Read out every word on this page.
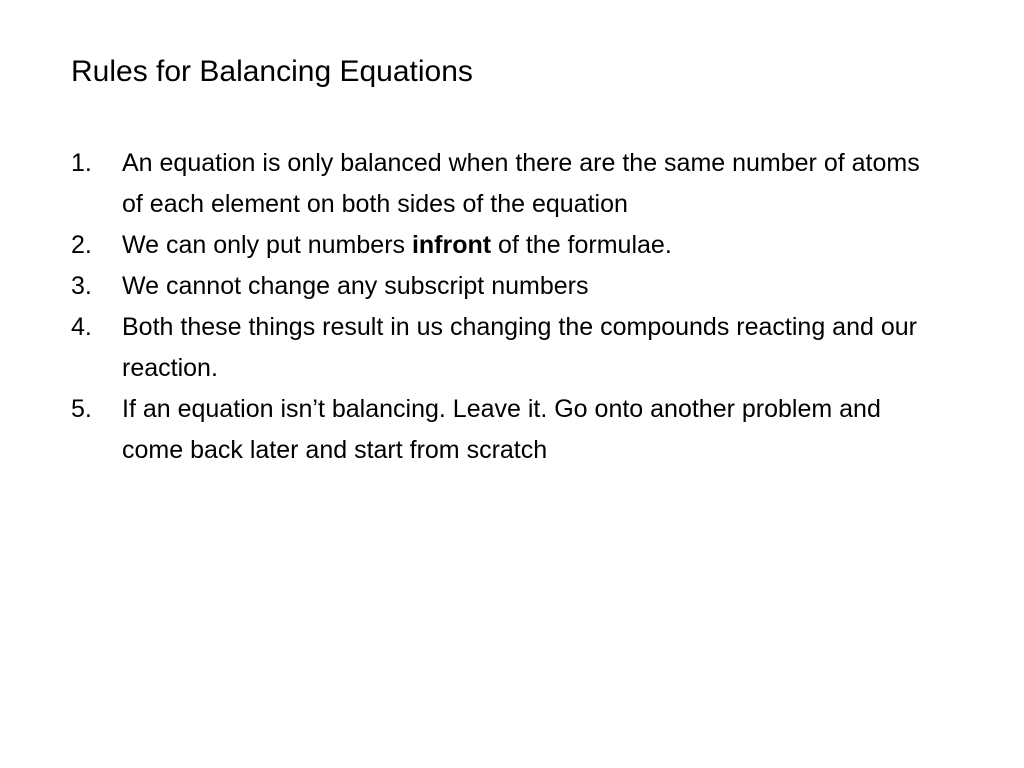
Rules for Balancing Equations
1.	An equation is only balanced when there are the same number of atoms of each element on both sides of the equation
2.	We can only put numbers infront of the formulae.
3.	We cannot change any subscript numbers
4.	Both these things result in us changing the compounds reacting and our reaction.
5.	If an equation isn’t balancing. Leave it. Go onto another problem and come back later and start from scratch
